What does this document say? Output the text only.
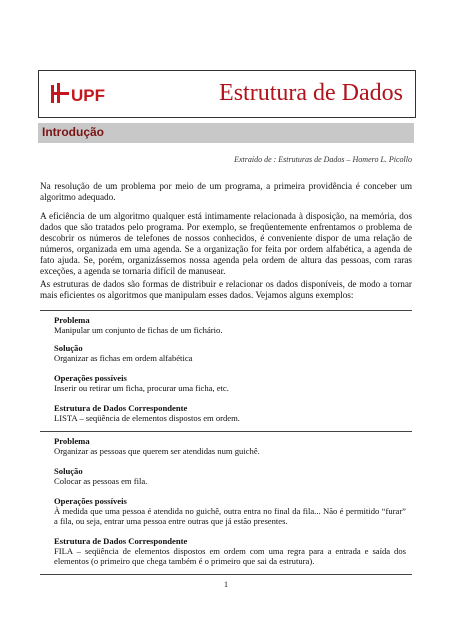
UPF	Estrutura de Dados
Introdução
Extraído de : Estruturas de Dados – Homero L. Picollo

Na resolução de um problema por meio de um programa, a primeira providência é conceber um algoritmo adequado.

A eficiência de um algoritmo qualquer está intimamente relacionada à disposição, na memória, dos dados que são tratados pelo programa. Por exemplo, se freqüentemente enfrentamos o problema de descobrir os números de telefones de nossos conhecidos, é conveniente dispor de uma relação de números, organizada em uma agenda. Se a organização for feita por ordem alfabética, a agenda de fato ajuda. Se, porém, organizássemos nossa agenda pela ordem de altura das pessoas, com raras exceções, a agenda se tornaria difícil de manusear.

As estruturas de dados são formas de distribuir e relacionar os dados disponíveis, de modo a tornar mais eficientes os algoritmos que manipulam esses dados. Vejamos alguns exemplos:

Problema
Manipular um conjunto de fichas de um fichário.
Solução
Organizar as fichas em ordem alfabética
Operações possíveis
Inserir ou retirar um ficha, procurar uma ficha, etc.
Estrutura de Dados Correspondente
LISTA – seqüência de elementos dispostos em ordem.
Problema
Organizar as pessoas que querem ser atendidas num guichê.
Solução
Colocar as pessoas em fila.
Operações possíveis
À medida que uma pessoa é atendida no guichê, outra entra no final da fila... Não é permitido “furar” a fila, ou seja, entrar uma pessoa entre outras que já estão presentes.
Estrutura de Dados Correspondente
FILA – seqüência de elementos dispostos em ordem com uma regra para a entrada e saída dos elementos (o primeiro que chega também é o primeiro que sai da estrutura).
1
